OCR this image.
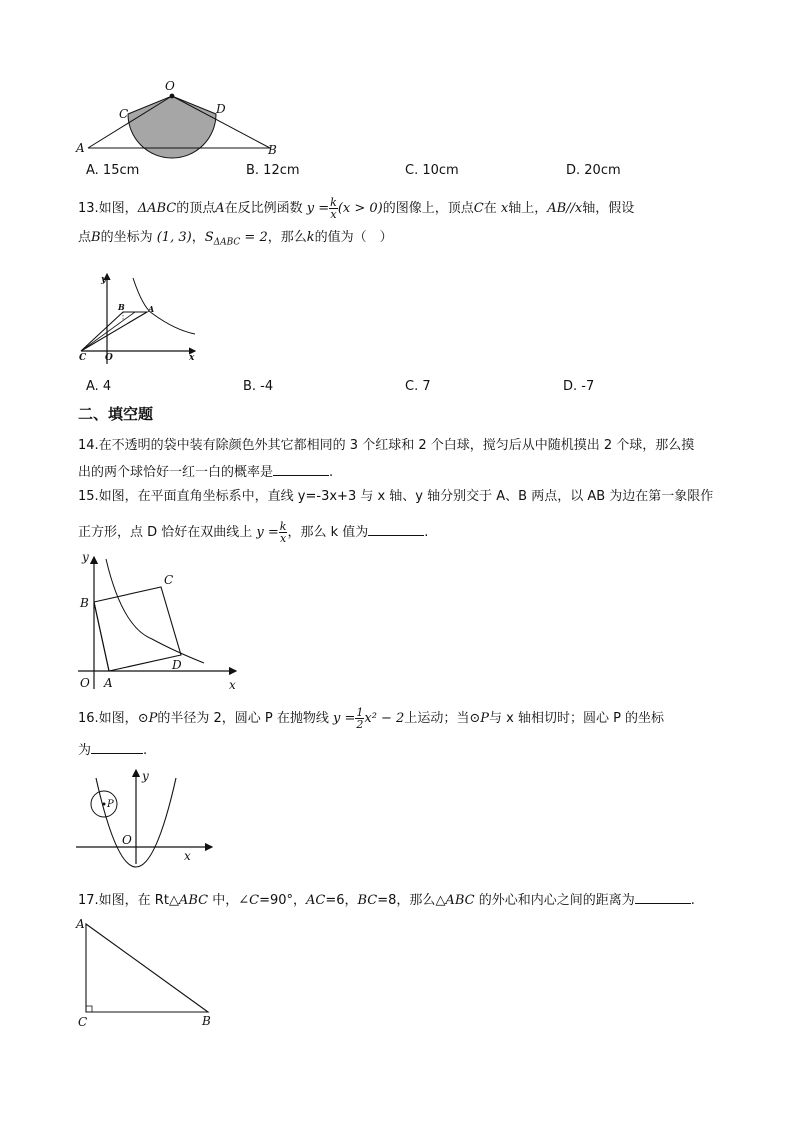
O
C	D
A	B
A. 15cm	B. 12cm	C. 10cm	D. 20cm
13.如图，ΔABC的顶点A在反比例函数 $y = \frac{k}{x} (x > 0)$的图像上，顶点C在 x轴上，AB//x轴，假设
点B的坐标为 (1, 3)，$S_{\Delta ABC} = 2$，那么k的值为（　）
y
x
O
C
B	A
A. 4	B. -4	C. 7	D. -7
二、填空题
14.在不透明的袋中装有除颜色外其它都相同的 3 个红球和 2 个白球，搅匀后从中随机摸出 2 个球，那么摸
出的两个球恰好一红一白的概率是	.
15.如图，在平面直角坐标系中，直线 y=-3x+3 与 x 轴、y 轴分别交于 A、B 两点，以 AB 为边在第一象限作
正方形，点 D 恰好在双曲线上 $y = \frac{k}{x}$ ，那么 k 值为	.
y
x
O A
B
C
D
16.如图，⊙P的半径为 2，圆心 P 在抛物线 $y = \frac{1}{2} x^2 - 2$上运动；当⊙P与 x 轴相切时；圆心 P 的坐标
为	.
y
x
O
P
17.如图，在 Rt△ABC 中，∠C=90°，AC=6，BC=8，那么△ABC 的外心和内心之间的距离为	.
A
C	B
